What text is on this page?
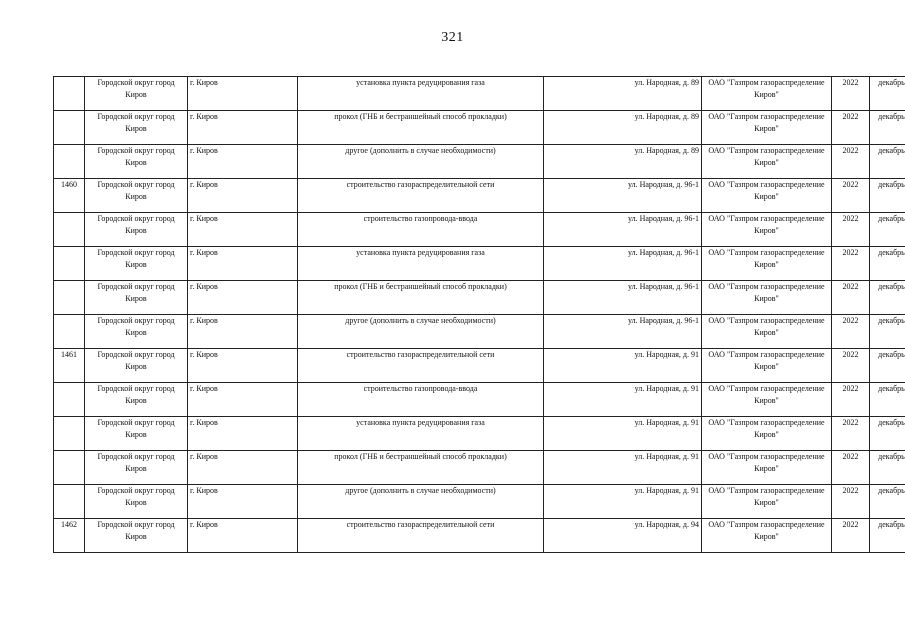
321
	Городской округ город Киров	г. Киров	установка пункта редуцирования газа	ул. Народная, д. 89	ОАО "Газпром газораспределение Киров"	2022	декабрь
	Городской округ город Киров	г. Киров	прокол (ГНБ и бестраншейный способ прокладки)	ул. Народная, д. 89	ОАО "Газпром газораспределение Киров"	2022	декабрь
	Городской округ город Киров	г. Киров	другое (дополнить в случае необходимости)	ул. Народная, д. 89	ОАО "Газпром газораспределение Киров"	2022	декабрь
1460	Городской округ город Киров	г. Киров	строительство газораспределительной сети	ул. Народная, д. 96-1	ОАО "Газпром газораспределение Киров"	2022	декабрь
	Городской округ город Киров	г. Киров	строительство газопровода-ввода	ул. Народная, д. 96-1	ОАО "Газпром газораспределение Киров"	2022	декабрь
	Городской округ город Киров	г. Киров	установка пункта редуцирования газа	ул. Народная, д. 96-1	ОАО "Газпром газораспределение Киров"	2022	декабрь
	Городской округ город Киров	г. Киров	прокол (ГНБ и бестраншейный способ прокладки)	ул. Народная, д. 96-1	ОАО "Газпром газораспределение Киров"	2022	декабрь
	Городской округ город Киров	г. Киров	другое (дополнить в случае необходимости)	ул. Народная, д. 96-1	ОАО "Газпром газораспределение Киров"	2022	декабрь
1461	Городской округ город Киров	г. Киров	строительство газораспределительной сети	ул. Народная, д. 91	ОАО "Газпром газораспределение Киров"	2022	декабрь
	Городской округ город Киров	г. Киров	строительство газопровода-ввода	ул. Народная, д. 91	ОАО "Газпром газораспределение Киров"	2022	декабрь
	Городской округ город Киров	г. Киров	установка пункта редуцирования газа	ул. Народная, д. 91	ОАО "Газпром газораспределение Киров"	2022	декабрь
	Городской округ город Киров	г. Киров	прокол (ГНБ и бестраншейный способ прокладки)	ул. Народная, д. 91	ОАО "Газпром газораспределение Киров"	2022	декабрь
	Городской округ город Киров	г. Киров	другое (дополнить в случае необходимости)	ул. Народная, д. 91	ОАО "Газпром газораспределение Киров"	2022	декабрь
1462	Городской округ город Киров	г. Киров	строительство газораспределительной сети	ул. Народная, д. 94	ОАО "Газпром газораспределение Киров"	2022	декабрь
